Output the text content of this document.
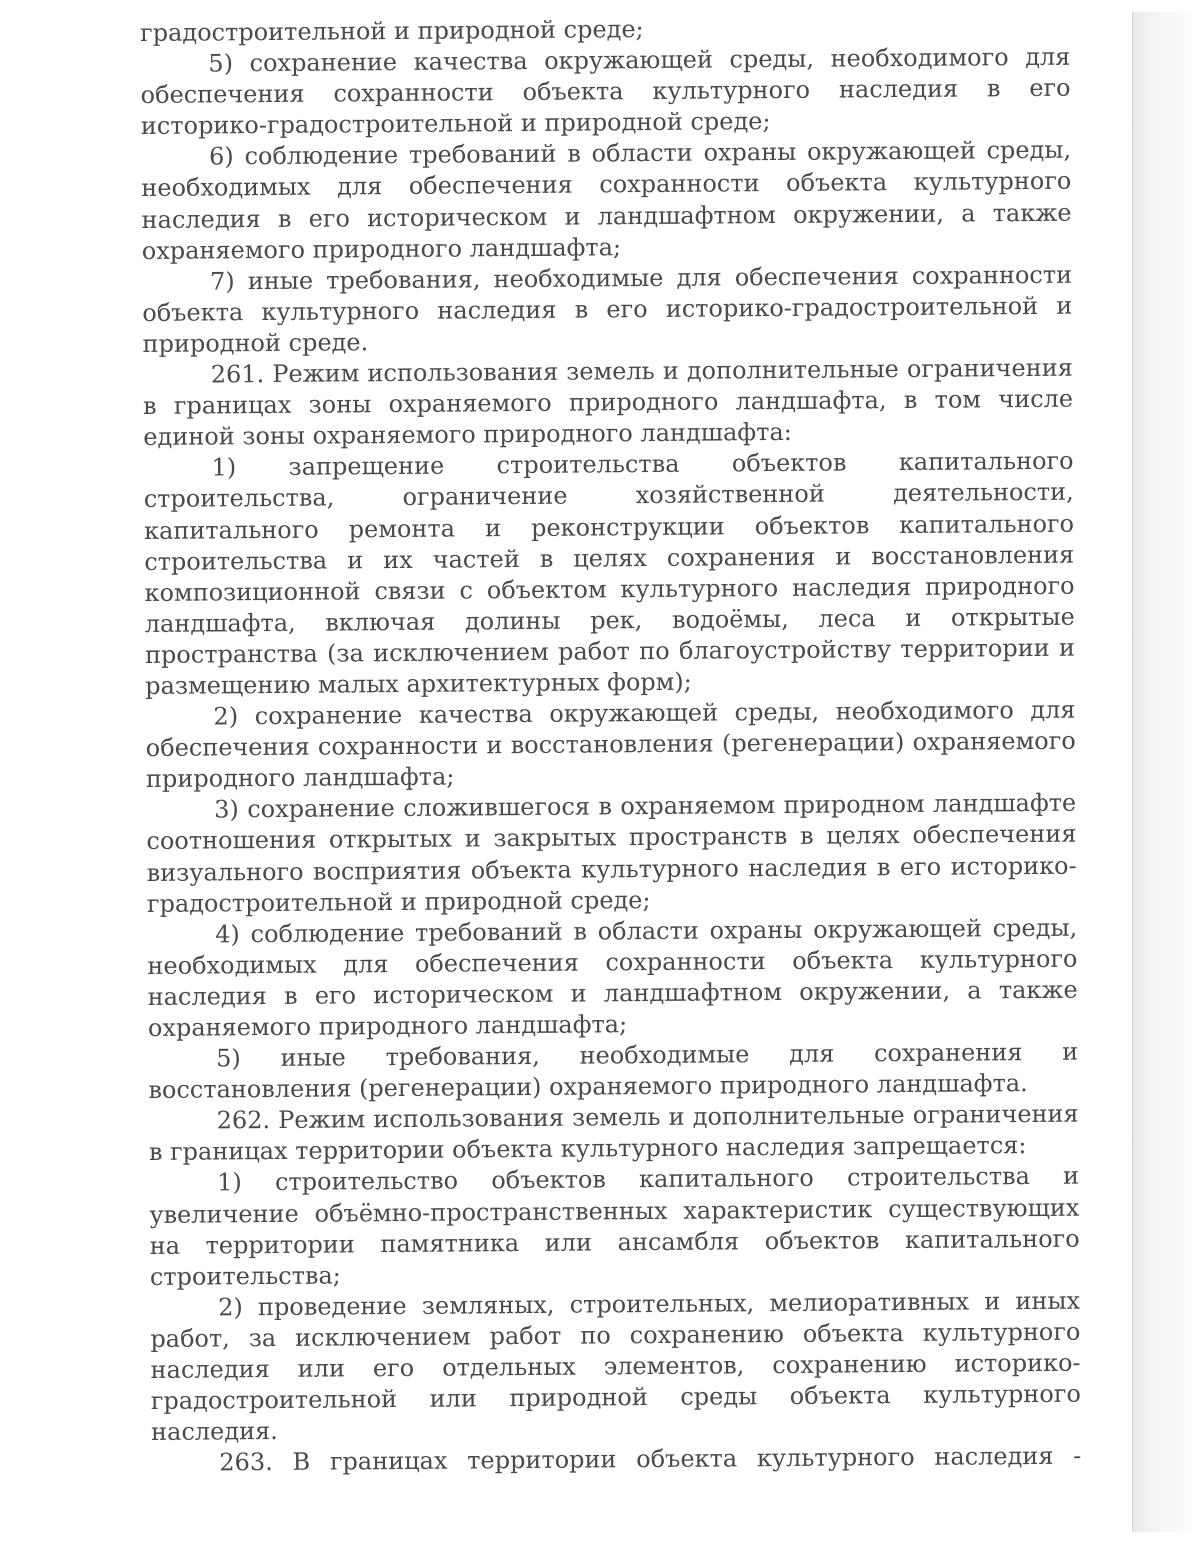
градостроительной и природной среде;

5) сохранение качества окружающей среды, необходимого для обеспечения сохранности объекта культурного наследия в его историко-градостроительной и природной среде;

6) соблюдение требований в области охраны окружающей среды, необходимых для обеспечения сохранности объекта культурного наследия в его историческом и ландшафтном окружении, а также охраняемого природного ландшафта;

7) иные требования, необходимые для обеспечения сохранности объекта культурного наследия в его историко-градостроительной и природной среде.

261. Режим использования земель и дополнительные ограничения в границах зоны охраняемого природного ландшафта, в том числе единой зоны охраняемого природного ландшафта:

1) запрещение строительства объектов капитального строительства, ограничение хозяйственной деятельности, капитального ремонта и реконструкции объектов капитального строительства и их частей в целях сохранения и восстановления композиционной связи с объектом культурного наследия природного ландшафта, включая долины рек, водоёмы, леса и открытые пространства (за исключением работ по благоустройству территории и размещению малых архитектурных форм);

2) сохранение качества окружающей среды, необходимого для обеспечения сохранности и восстановления (регенерации) охраняемого природного ландшафта;

3) сохранение сложившегося в охраняемом природном ландшафте соотношения открытых и закрытых пространств в целях обеспечения визуального восприятия объекта культурного наследия в его историко-градостроительной и природной среде;

4) соблюдение требований в области охраны окружающей среды, необходимых для обеспечения сохранности объекта культурного наследия в его историческом и ландшафтном окружении, а также охраняемого природного ландшафта;

5) иные требования, необходимые для сохранения и восстановления (регенерации) охраняемого природного ландшафта.

262. Режим использования земель и дополнительные ограничения в границах территории объекта культурного наследия запрещается:

1) строительство объектов капитального строительства и увеличение объёмно-пространственных характеристик существующих на территории памятника или ансамбля объектов капитального строительства;

2) проведение земляных, строительных, мелиоративных и иных работ, за исключением работ по сохранению объекта культурного наследия или его отдельных элементов, сохранению историко-градостроительной или природной среды объекта культурного наследия.

263. В границах территории объекта культурного наследия -
